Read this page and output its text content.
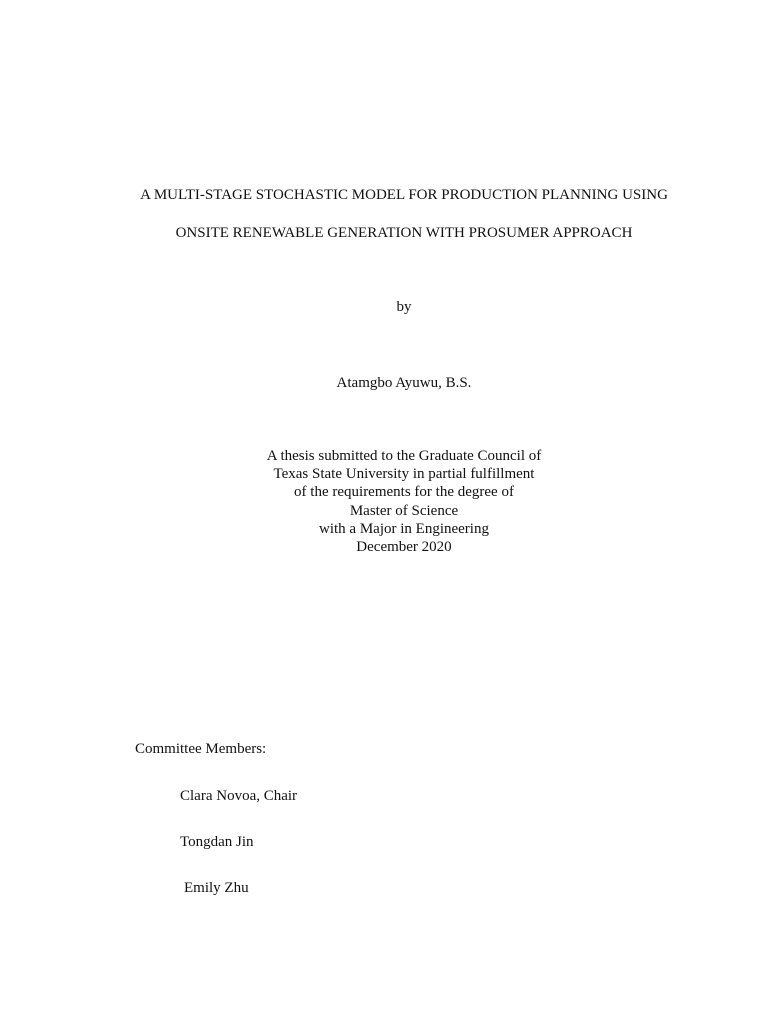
A MULTI-STAGE STOCHASTIC MODEL FOR PRODUCTION PLANNING USING
ONSITE RENEWABLE GENERATION WITH PROSUMER APPROACH
by
Atamgbo Ayuwu, B.S.
A thesis submitted to the Graduate Council of
Texas State University in partial fulfillment
of the requirements for the degree of
Master of Science
with a Major in Engineering
December 2020
Committee Members:
Clara Novoa, Chair
Tongdan Jin
Emily Zhu
